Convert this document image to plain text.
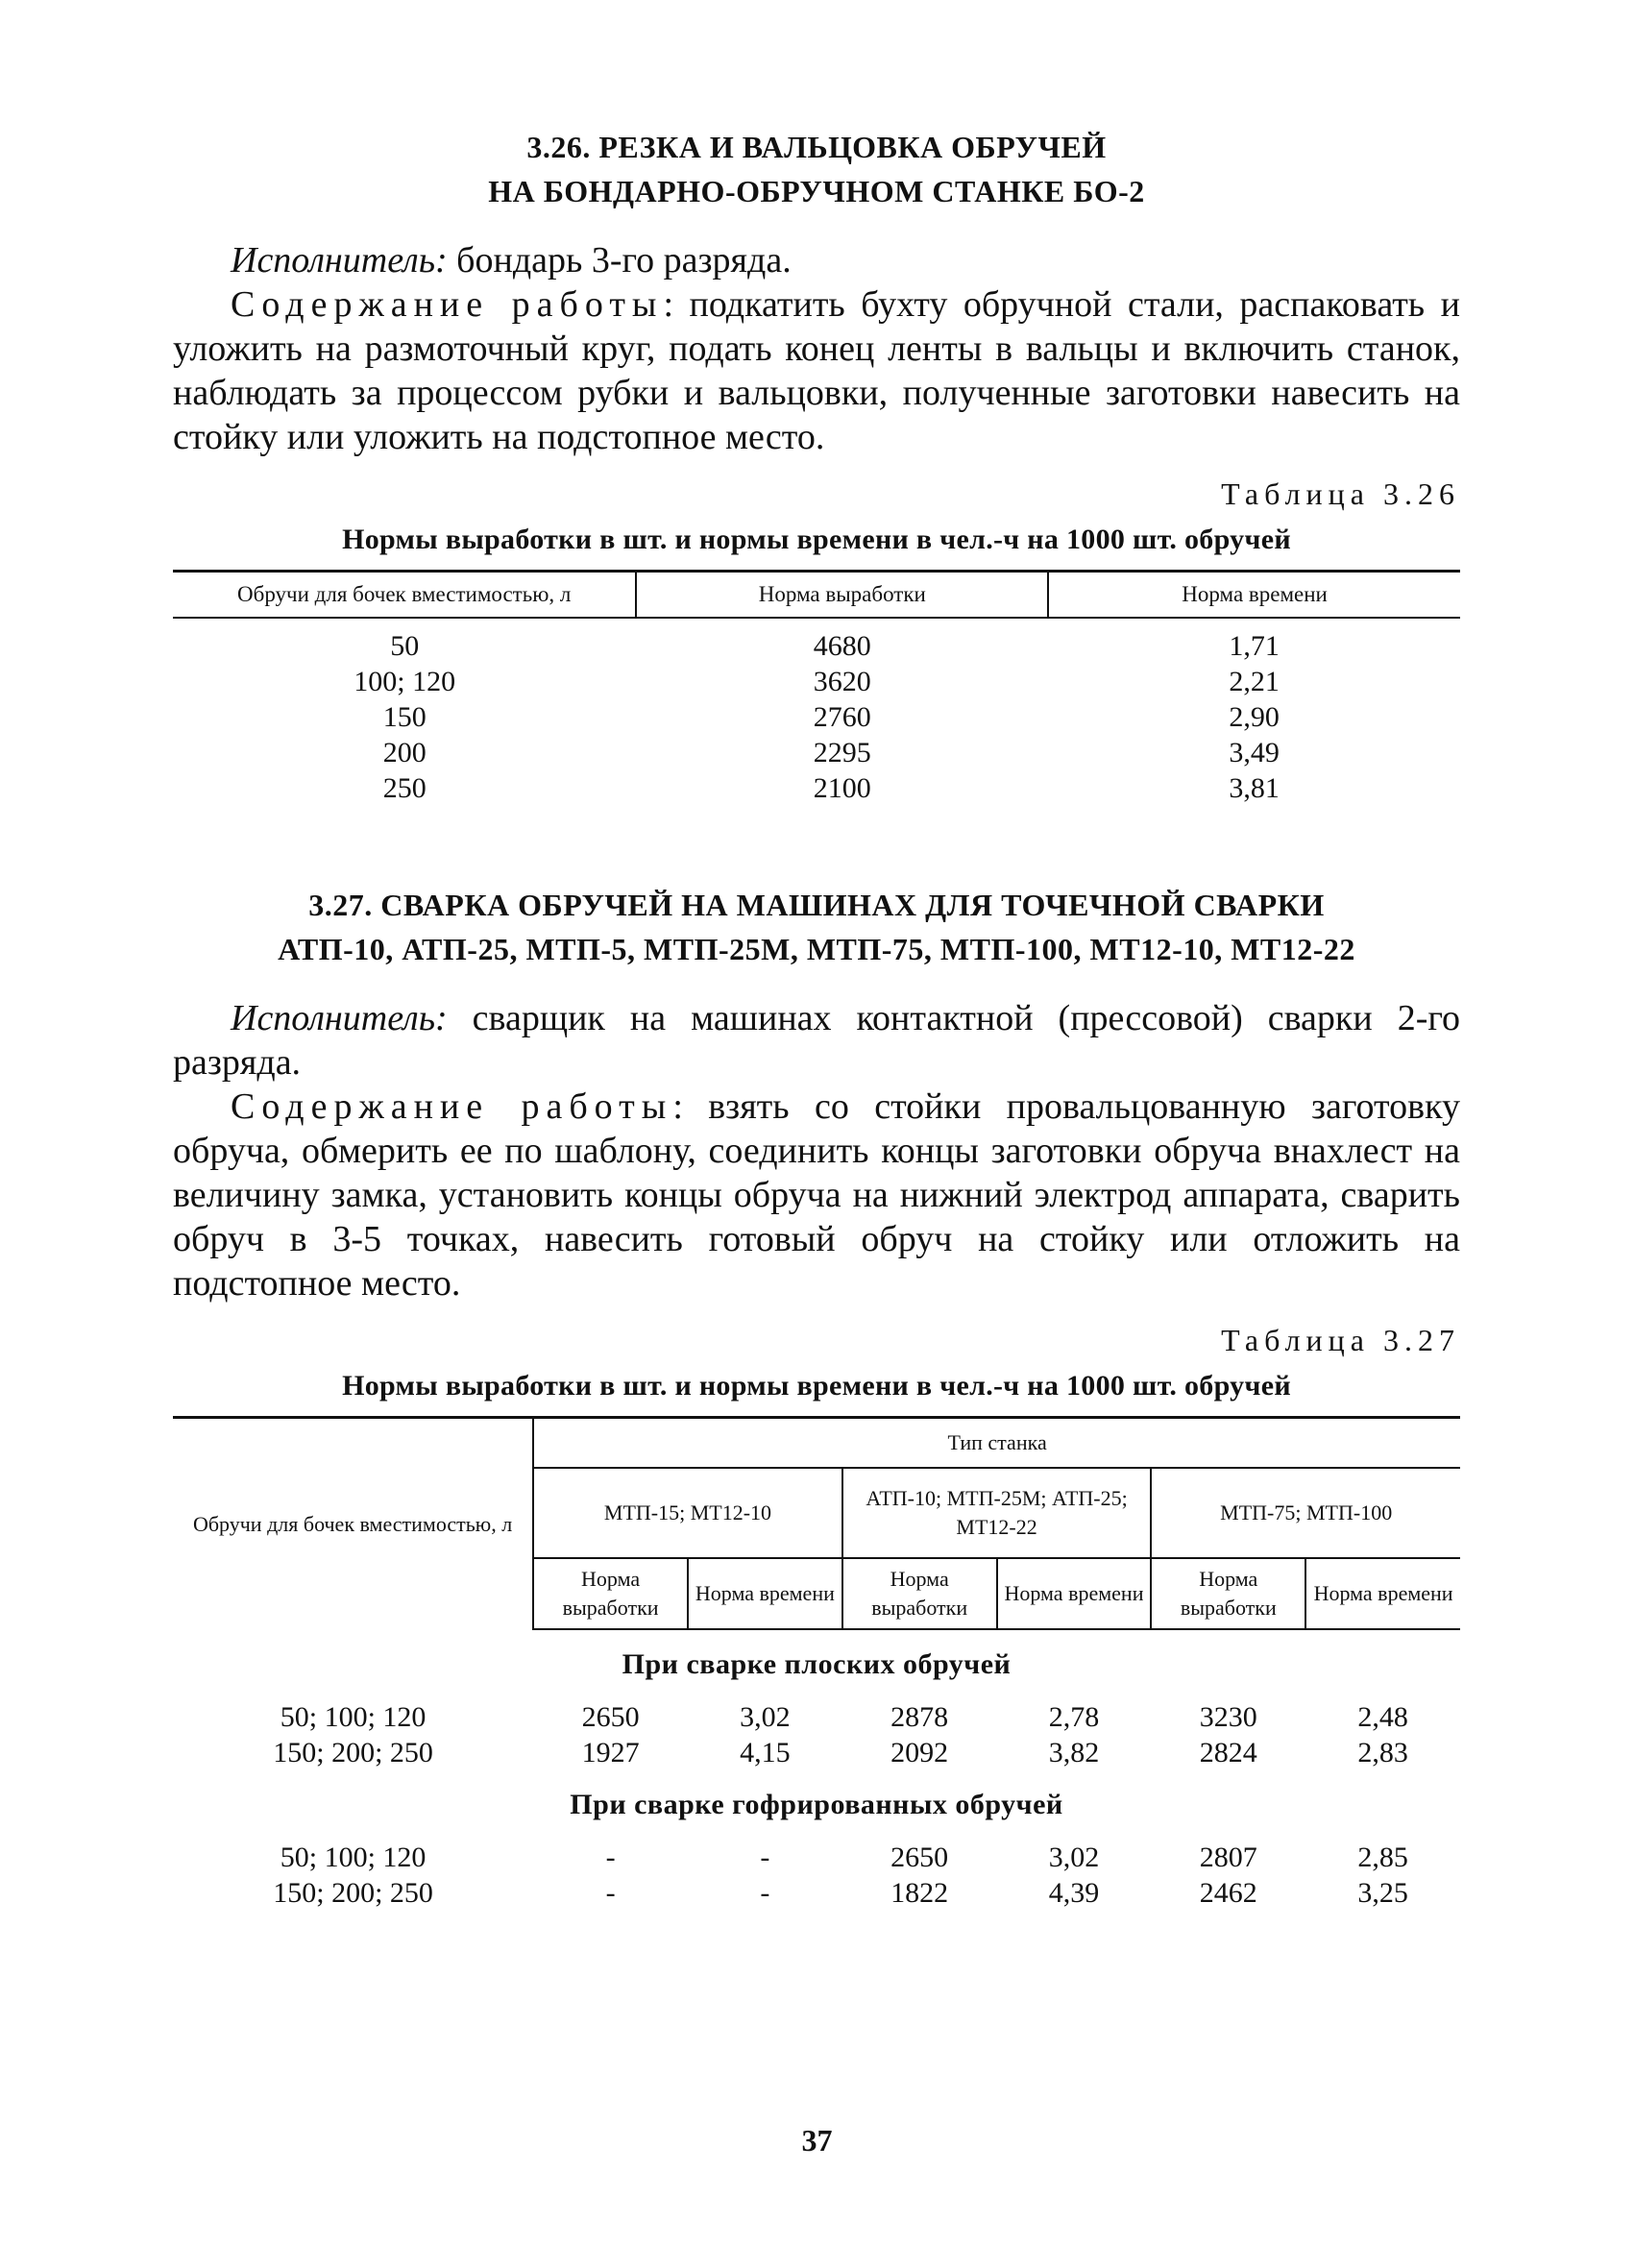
3.26. РЕЗКА И ВАЛЬЦОВКА ОБРУЧЕЙ
НА БОНДАРНО-ОБРУЧНОМ СТАНКЕ БО-2
Исполнитель: бондарь 3-го разряда.
Содержание работы: подкатить бухту обручной стали, распаковать и уложить на размоточный круг, подать конец ленты в вальцы и включить станок, наблюдать за процессом рубки и вальцовки, полученные заготовки навесить на стойку или уложить на подстопное место.
Таблица 3.26
Нормы выработки в шт. и нормы времени в чел.-ч на 1000 шт. обручей
Обручи для бочек вместимостью, л	Норма выработки	Норма времени
50	4680	1,71
100; 120	3620	2,21
150	2760	2,90
200	2295	3,49
250	2100	3,81
3.27. СВАРКА ОБРУЧЕЙ НА МАШИНАХ ДЛЯ ТОЧЕЧНОЙ СВАРКИ
АТП-10, АТП-25, МТП-5, МТП-25М, МТП-75, МТП-100, МТ12-10, МТ12-22
Исполнитель: сварщик на машинах контактной (прессовой) сварки 2-го разряда.
Содержание работы: взять со стойки провальцованную заготовку обруча, обмерить ее по шаблону, соединить концы заготовки обруча внахлест на величину замка, установить концы обруча на нижний электрод аппарата, сварить обруч в 3-5 точках, навесить готовый обруч на стойку или отложить на подстопное место.
Таблица 3.27
Нормы выработки в шт. и нормы времени в чел.-ч на 1000 шт. обручей
Обручи для бочек вместимостью, л	Тип станка					
	МТП-15; МТ12-10		АТП-10; МТП-25М; АТП-25; МТ12-22		МТП-75; МТП-100	
	Норма выработки	Норма времени	Норма выработки	Норма времени	Норма выработки	Норма времени
При сварке плоских обручей						
50; 100; 120	2650	3,02	2878	2,78	3230	2,48
150; 200; 250	1927	4,15	2092	3,82	2824	2,83
При сварке гофрированных обручей						
50; 100; 120	-	-	2650	3,02	2807	2,85
150; 200; 250	-	-	1822	4,39	2462	3,25
37
